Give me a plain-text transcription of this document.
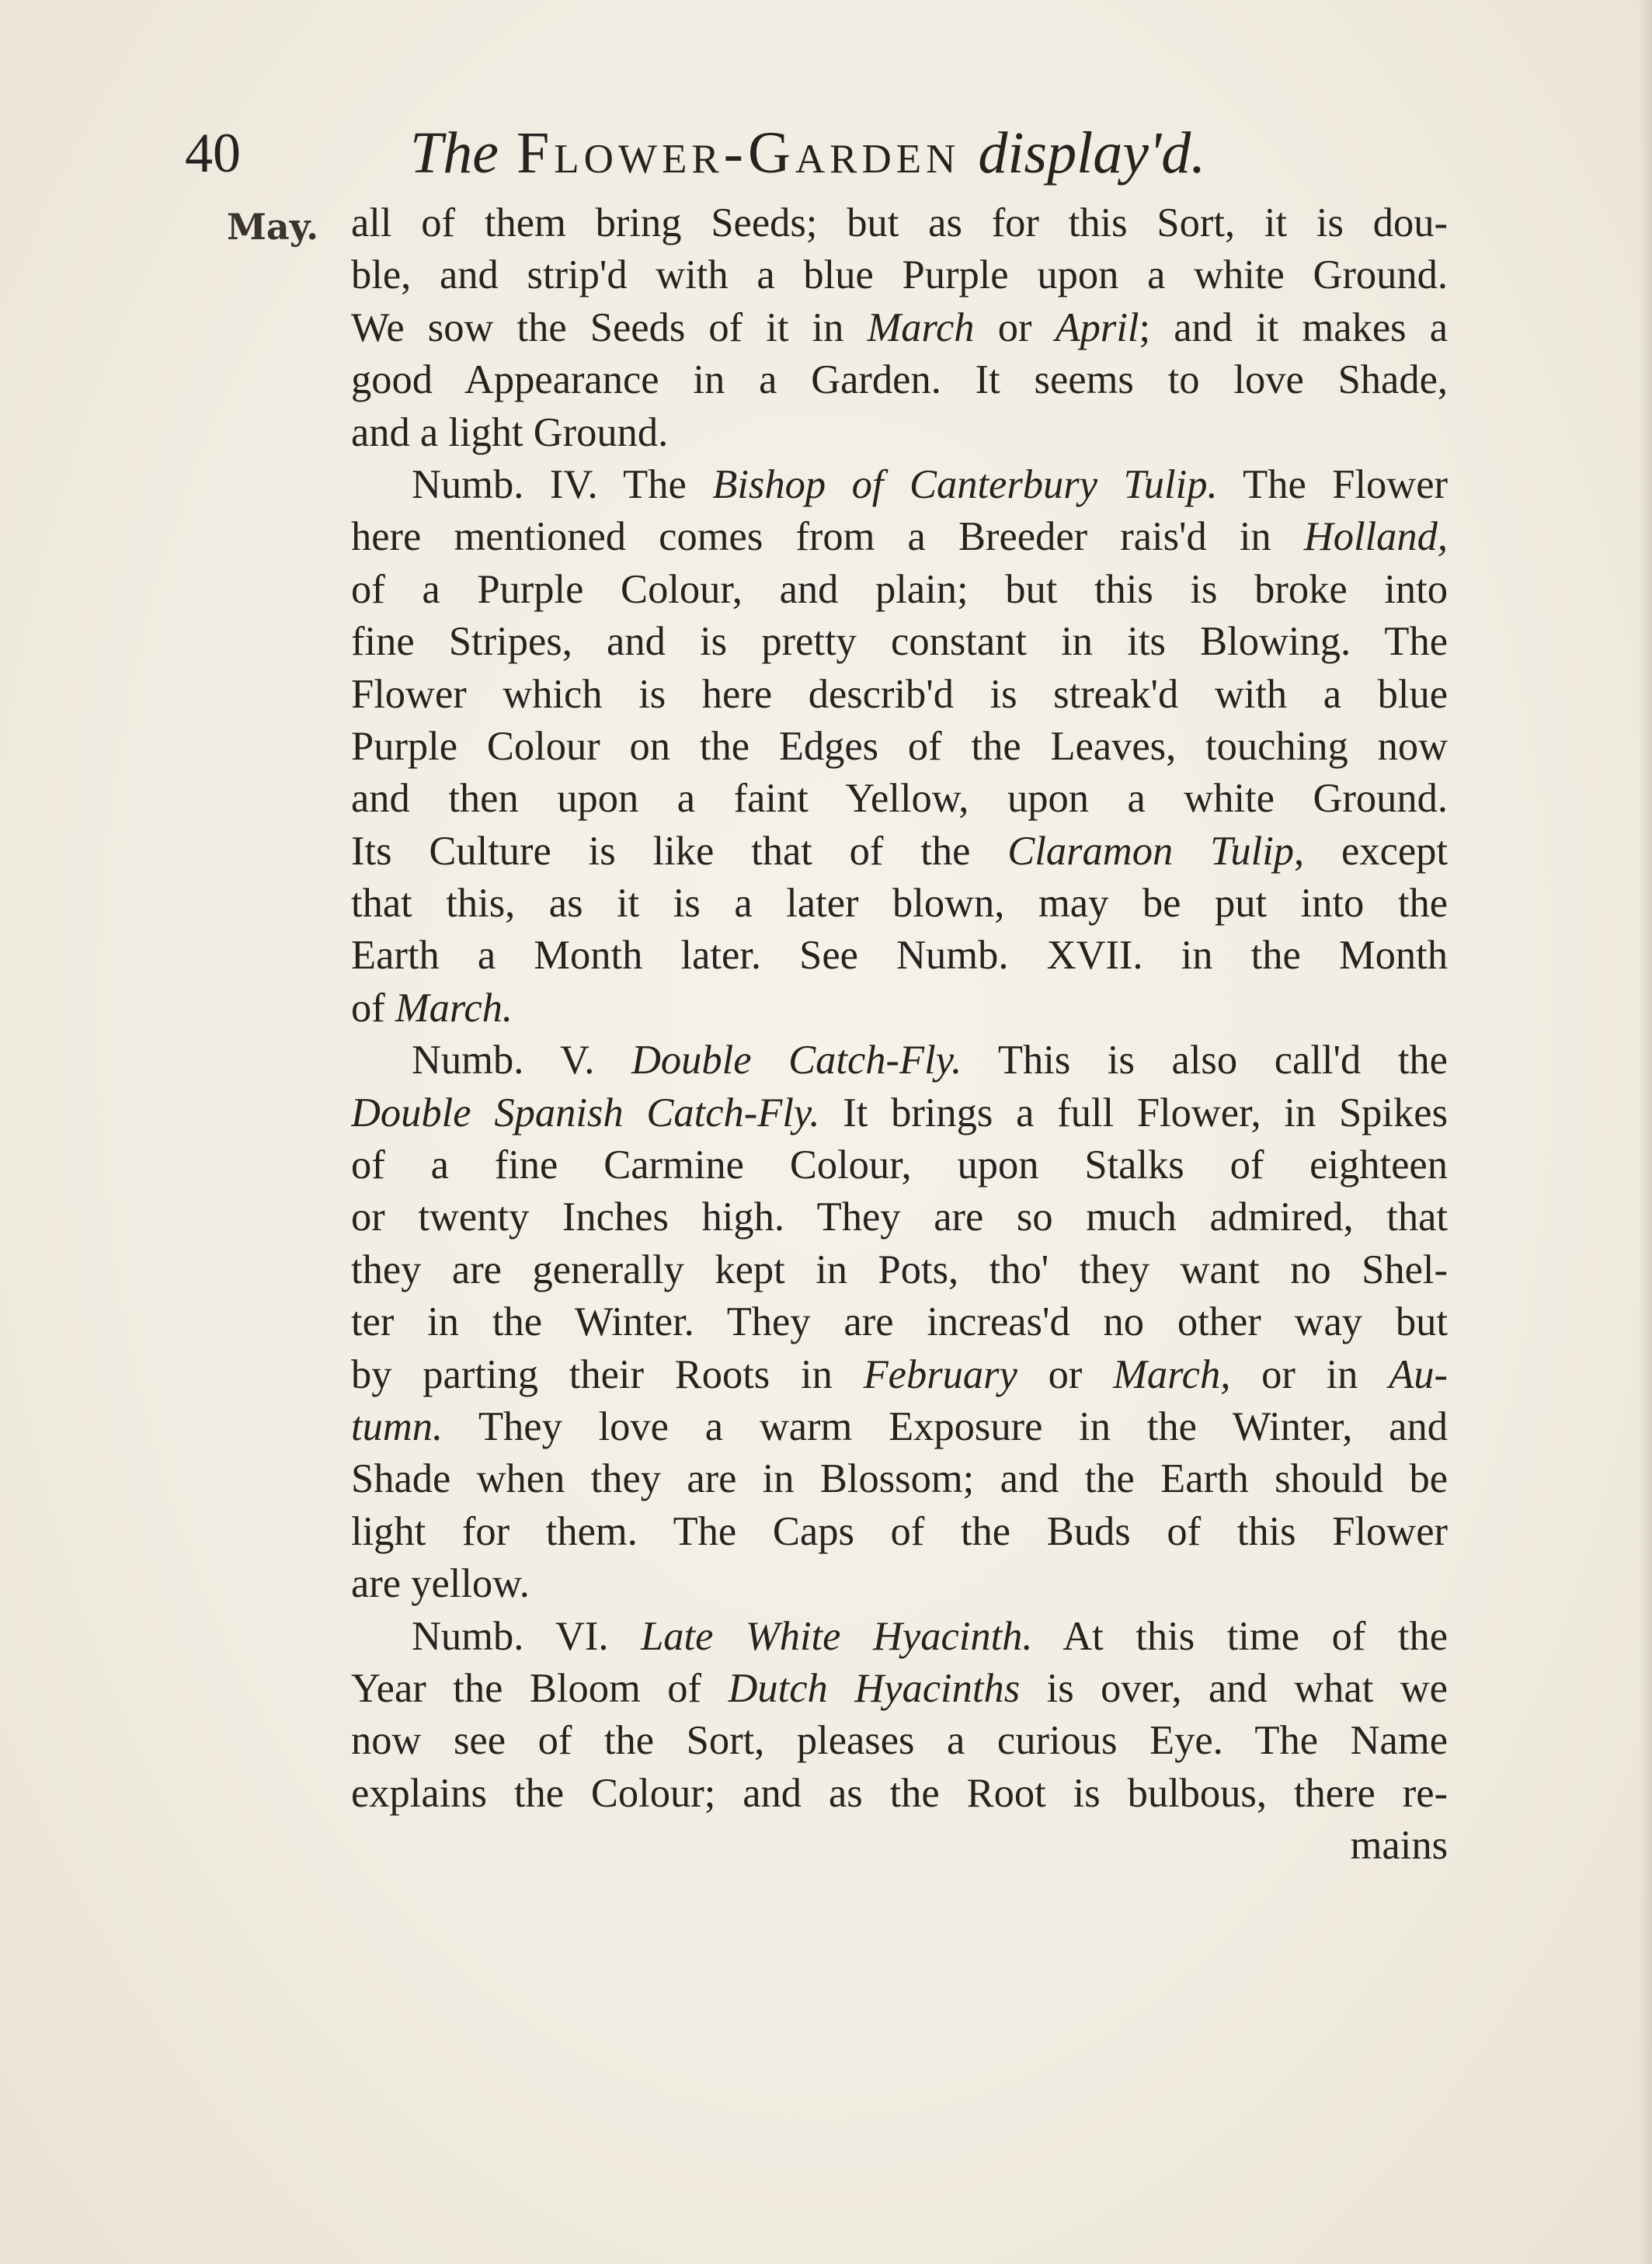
40	The Flower-Garden display'd.
May. all of them bring Seeds; but as for this Sort, it is dou-
ble, and strip'd with a blue Purple upon a white Ground.
We sow the Seeds of it in March or April; and it makes a
good Appearance in a Garden. It seems to love Shade,
and a light Ground.
Numb. IV. The Bishop of Canterbury Tulip. The Flower
here mentioned comes from a Breeder rais'd in Holland,
of a Purple Colour, and plain; but this is broke into
fine Stripes, and is pretty constant in its Blowing. The
Flower which is here describ'd is streak'd with a blue
Purple Colour on the Edges of the Leaves, touching now
and then upon a faint Yellow, upon a white Ground.
Its Culture is like that of the Claramon Tulip, except
that this, as it is a later blown, may be put into the
Earth a Month later. See Numb. XVII. in the Month
of March.
Numb. V. Double Catch-Fly. This is also call'd the
Double Spanish Catch-Fly. It brings a full Flower, in Spikes
of a fine Carmine Colour, upon Stalks of eighteen
or twenty Inches high. They are so much admired, that
they are generally kept in Pots, tho' they want no Shel-
ter in the Winter. They are increas'd no other way but
by parting their Roots in February or March, or in Au-
tumn. They love a warm Exposure in the Winter, and
Shade when they are in Blossom; and the Earth should be
light for them. The Caps of the Buds of this Flower
are yellow.
Numb. VI. Late White Hyacinth. At this time of the
Year the Bloom of Dutch Hyacinths is over, and what we
now see of the Sort, pleases a curious Eye. The Name
explains the Colour; and as the Root is bulbous, there re-
mains
